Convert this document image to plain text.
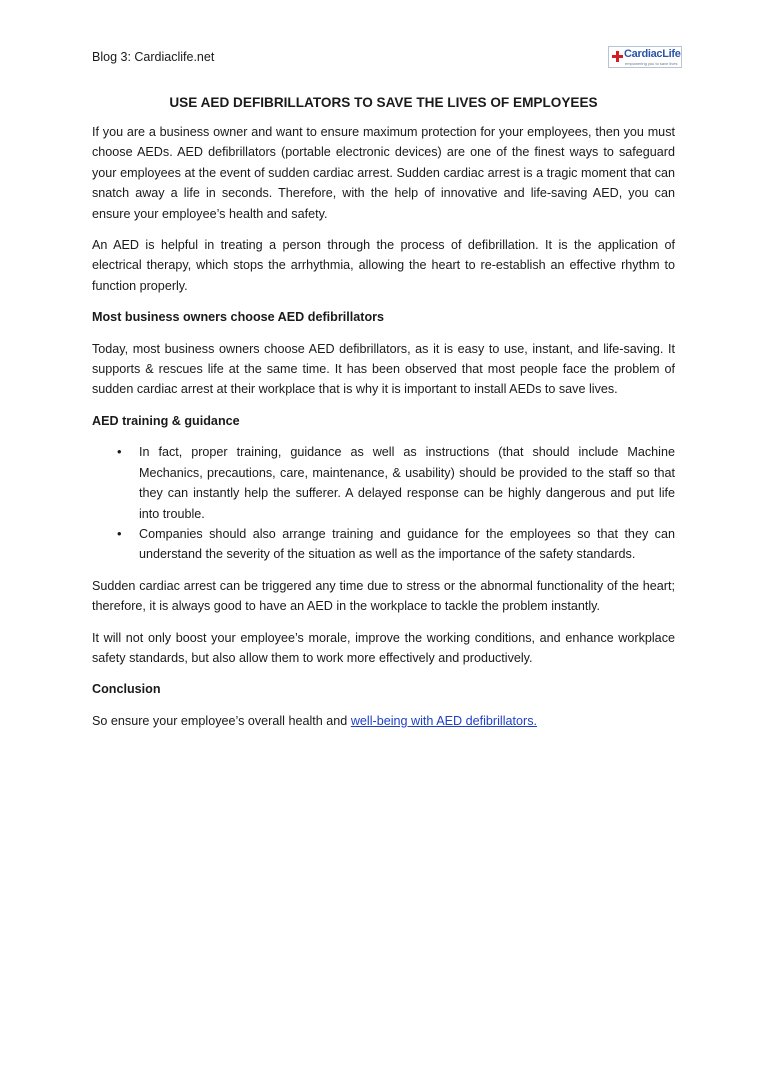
Blog 3: Cardiaclife.net	CardiacLife
empowering you to save lives
USE AED DEFIBRILLATORS TO SAVE THE LIVES OF EMPLOYEES

If you are a business owner and want to ensure maximum protection for your employees, then you must choose AEDs. AED defibrillators (portable electronic devices) are one of the finest ways to safeguard your employees at the event of sudden cardiac arrest. Sudden cardiac arrest is a tragic moment that can snatch away a life in seconds. Therefore, with the help of innovative and life-saving AED, you can ensure your employee’s health and safety.

An AED is helpful in treating a person through the process of defibrillation. It is the application of electrical therapy, which stops the arrhythmia, allowing the heart to re-establish an effective rhythm to function properly.

Most business owners choose AED defibrillators

Today, most business owners choose AED defibrillators, as it is easy to use, instant, and life-saving. It supports & rescues life at the same time. It has been observed that most people face the problem of sudden cardiac arrest at their workplace that is why it is important to install AEDs to save lives.

AED training & guidance
• In fact, proper training, guidance as well as instructions (that should include Machine Mechanics, precautions, care, maintenance, & usability) should be provided to the staff so that they can instantly help the sufferer. A delayed response can be highly dangerous and put life into trouble.
• Companies should also arrange training and guidance for the employees so that they can understand the severity of the situation as well as the importance of the safety standards.

Sudden cardiac arrest can be triggered any time due to stress or the abnormal functionality of the heart; therefore, it is always good to have an AED in the workplace to tackle the problem instantly.

It will not only boost your employee’s morale, improve the working conditions, and enhance workplace safety standards, but also allow them to work more effectively and productively.

Conclusion

So ensure your employee’s overall health and well-being with AED defibrillators.
